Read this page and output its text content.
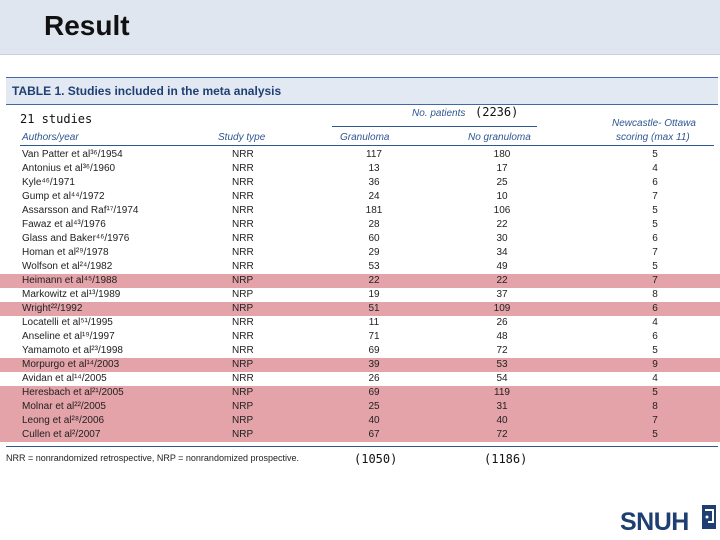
Result
TABLE 1. Studies included in the meta analysis
21 studies	(2236)
No. patients
Authors/year	Study type	Granuloma	No granuloma
Newcastle- Ottawa
scoring (max 11)
Van Patter et al³⁶/1954	NRR	117	180	5
Antonius et al³⁶/1960	NRR	13	17	4
Kyle⁴⁶/1971	NRR	36	25	6
Gump et al⁴⁴/1972	NRR	24	10	7
Assarsson and Raf¹⁷/1974	NRR	181	106	5
Fawaz et al⁴³/1976	NRR	28	22	5
Glass and Baker⁴⁶/1976	NRR	60	30	6
Homan et al²⁹/1978	NRR	29	34	7
Wolfson et al²⁴/1982	NRR	53	49	5
Heimann et al⁴⁵/1988	NRP	22	22	7
Markowitz et al¹³/1989	NRP	19	37	8
Wright²²/1992	NRP	51	109	6
Locatelli et al⁵¹/1995	NRR	11	26	4
Anseline et al¹⁹/1997	NRR	71	48	6
Yamamoto et al²³/1998	NRR	69	72	5
Morpurgo et al¹⁴/2003	NRP	39	53	9
Avidan et al¹⁴/2005	NRR	26	54	4
Heresbach et al²¹/2005	NRP	69	119	5
Molnar et al²²/2005	NRP	25	31	8
Leong et al²⁸/2006	NRP	40	40	7
Cullen et al²/2007	NRP	67	72	5
NRR = nonrandomized retrospective, NRP = nonrandomized prospective.	(1050)	(1186)
SNUH
